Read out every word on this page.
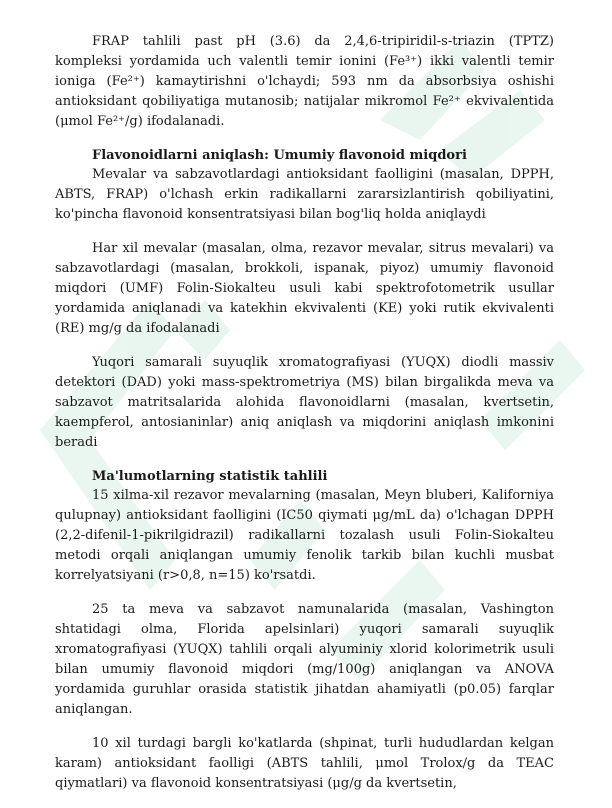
FRAP tahlili past pH (3.6) da 2,4,6-tripiridil-s-triazin (TPTZ) kompleksi yordamida uch valentli temir ionini (Fe³⁺) ikki valentli temir ioniga (Fe²⁺) kamaytirishni o'lchaydi; 593 nm da absorbsiya oshishi antioksidant qobiliyatiga mutanosib; natijalar mikromol Fe²⁺ ekvivalentida (μmol Fe²⁺/g) ifodalanadi.

Flavonoidlarni aniqlash: Umumiy flavonoid miqdori

Mevalar va sabzavotlardagi antioksidant faolligini (masalan, DPPH, ABTS, FRAP) o'lchash erkin radikallarni zararsizlantirish qobiliyatini, ko'pincha flavonoid konsentratsiyasi bilan bog'liq holda aniqlaydi

Har xil mevalar (masalan, olma, rezavor mevalar, sitrus mevalari) va sabzavotlardagi (masalan, brokkoli, ispanak, piyoz) umumiy flavonoid miqdori (UMF) Folin-Siokalteu usuli kabi spektrofotometrik usullar yordamida aniqlanadi va katekhin ekvivalenti (KE) yoki rutik ekvivalenti (RE) mg/g da ifodalanadi

Yuqori samarali suyuqlik xromatografiyasi (YUQX) diodli massiv detektori (DAD) yoki mass-spektrometriya (MS) bilan birgalikda meva va sabzavot matritsalarida alohida flavonoidlarni (masalan, kvertsetin, kaempferol, antosianinlar) aniq aniqlash va miqdorini aniqlash imkonini beradi

Ma'lumotlarning statistik tahlili

15 xilma-xil rezavor mevalarning (masalan, Meyn bluberi, Kaliforniya qulupnay) antioksidant faolligini (IC50 qiymati μg/mL da) o'lchagan DPPH (2,2-difenil-1-pikrilgidrazil) radikallarni tozalash usuli Folin-Siokalteu metodi orqali aniqlangan umumiy fenolik tarkib bilan kuchli musbat korrelyatsiyani (r>0,8, n=15) ko'rsatdi.

25 ta meva va sabzavot namunalarida (masalan, Vashington shtatidagi olma, Florida apelsinlari) yuqori samarali suyuqlik xromatografiyasi (YUQX) tahlili orqali alyuminiy xlorid kolorimetrik usuli bilan umumiy flavonoid miqdori (mg/100g) aniqlangan va ANOVA yordamida guruhlar orasida statistik jihatdan ahamiyatli (p0.05) farqlar aniqlangan.

10 xil turdagi bargli ko'katlarda (shpinat, turli hududlardan kelgan karam) antioksidant faolligi (ABTS tahlili, μmol Trolox/g da TEAC qiymatlari) va flavonoid konsentratsiyasi (μg/g da kvertsetin,
